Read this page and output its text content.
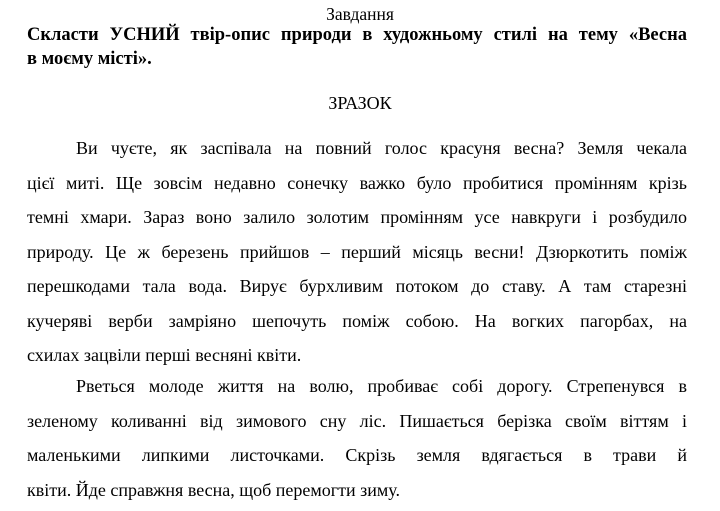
Завдання

Скласти УСНИЙ твір-опис природи в художньому стилі на тему «Весна
в моєму місті».

ЗРАЗОК

Ви чуєте, як заспівала на повний голос красуня весна? Земля чекала
цієї миті. Ще зовсім недавно сонечку важко було пробитися промінням крізь
темні хмари. Зараз воно залило золотим промінням усе навкруги і розбудило
природу. Це ж березень прийшов – перший місяць весни! Дзюркотить поміж
перешкодами тала вода. Вирує бурхливим потоком до ставу. А там старезні
кучеряві верби замріяно шепочуть поміж собою. На вогких пагорбах, на
схилах зацвіли перші весняні квіти.

Рветься молоде життя на волю, пробиває собі дорогу. Стрепенувся в
зеленому коливанні від зимового сну ліс. Пишається берізка своїм віттям і
маленькими липкими листочками. Скрізь земля вдягається в трави й
квіти. Йде справжня весна, щоб перемогти зиму.
